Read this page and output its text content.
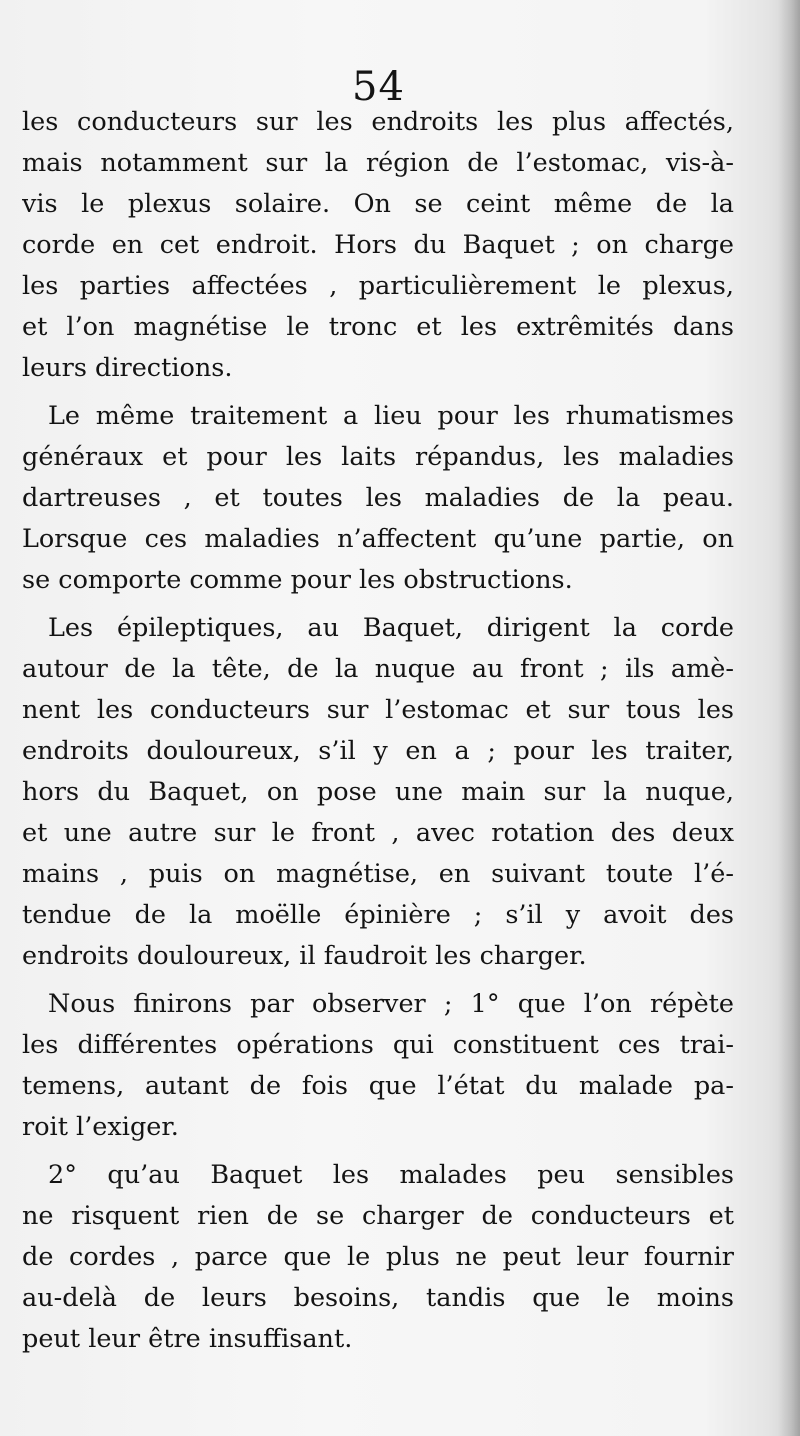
54
les conducteurs sur les endroits les plus affectés,
mais notamment sur la région de l’estomac, vis-à-
vis le plexus solaire. On se ceint même de la
corde en cet endroit. Hors du Baquet ; on charge
les parties affectées , particulièrement le plexus,
et l’on magnétise le tronc et les extrêmités dans
leurs directions.
Le même traitement a lieu pour les rhumatismes
généraux et pour les laits répandus, les maladies
dartreuses , et toutes les maladies de la peau.
Lorsque ces maladies n’affectent qu’une partie, on
se comporte comme pour les obstructions.
Les épileptiques, au Baquet, dirigent la corde
autour de la tête, de la nuque au front ; ils amè-
nent les conducteurs sur l’estomac et sur tous les
endroits douloureux, s’il y en a ; pour les traiter,
hors du Baquet, on pose une main sur la nuque,
et une autre sur le front , avec rotation des deux
mains , puis on magnétise, en suivant toute l’é-
tendue de la moëlle épinière ; s’il y avoit des
endroits douloureux, il faudroit les charger.
Nous finirons par observer ; 1° que l’on répète
les différentes opérations qui constituent ces trai-
temens, autant de fois que l’état du malade pa-
roit l’exiger.
2° qu’au Baquet les malades peu sensibles
ne risquent rien de se charger de conducteurs et
de cordes , parce que le plus ne peut leur fournir
au-delà de leurs besoins, tandis que le moins
peut leur être insuffisant.
